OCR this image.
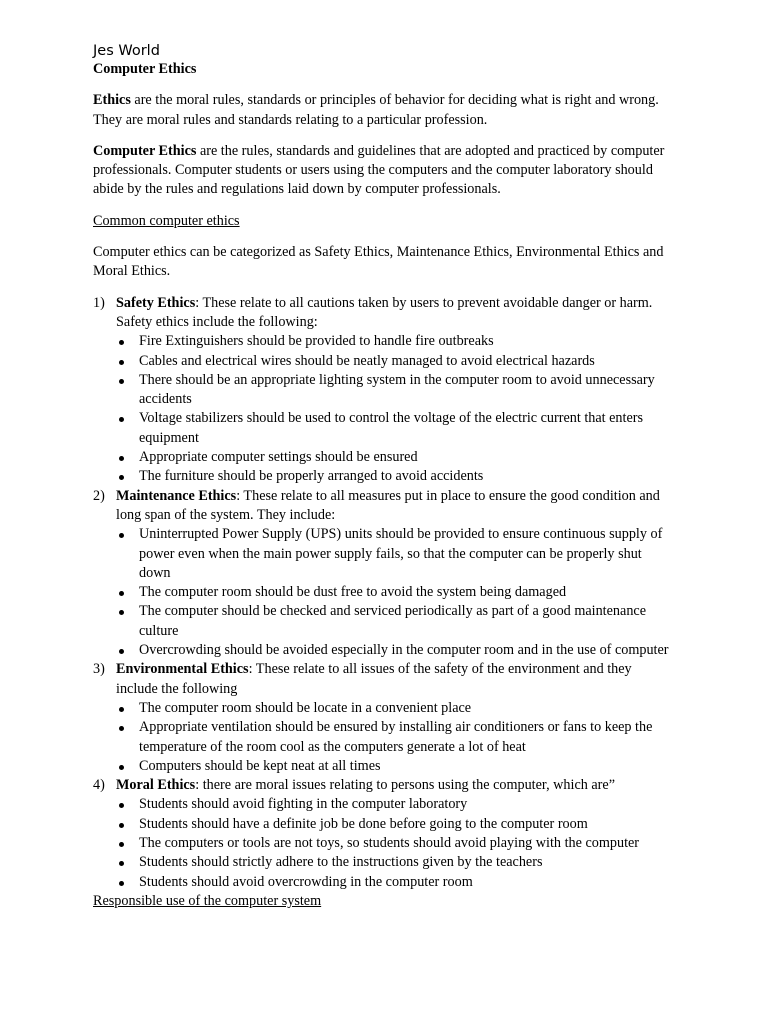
Jes World
Computer Ethics

Ethics are the moral rules, standards or principles of behavior for deciding what is right and wrong. They are moral rules and standards relating to a particular profession.

Computer Ethics are the rules, standards and guidelines that are adopted and practiced by computer professionals. Computer students or users using the computers and the computer laboratory should abide by the rules and regulations laid down by computer professionals.

Common computer ethics

Computer ethics can be categorized as Safety Ethics, Maintenance Ethics, Environmental Ethics and Moral Ethics.

1) Safety Ethics: These relate to all cautions taken by users to prevent avoidable danger or harm. Safety ethics include the following:
Fire Extinguishers should be provided to handle fire outbreaks
Cables and electrical wires should be neatly managed to avoid electrical hazards
There should be an appropriate lighting system in the computer room to avoid unnecessary accidents
Voltage stabilizers should be used to control the voltage of the electric current that enters equipment
Appropriate computer settings should be ensured
The furniture should be properly arranged to avoid accidents
2) Maintenance Ethics: These relate to all measures put in place to ensure the good condition and long span of the system. They include:
Uninterrupted Power Supply (UPS) units should be provided to ensure continuous supply of power even when the main power supply fails, so that the computer can be properly shut down
The computer room should be dust free to avoid the system being damaged
The computer should be checked and serviced periodically as part of a good maintenance culture
Overcrowding should be avoided especially in the computer room and in the use of computer
3) Environmental Ethics: These relate to all issues of the safety of the environment and they include the following
The computer room should be locate in a convenient place
Appropriate ventilation should be ensured by installing air conditioners or fans to keep the temperature of the room cool as the computers generate a lot of heat
Computers should be kept neat at all times
4) Moral Ethics: there are moral issues relating to persons using the computer, which are”
Students should avoid fighting in the computer laboratory
Students should have a definite job be done before going to the computer room
The computers or tools are not toys, so students should avoid playing with the computer
Students should strictly adhere to the instructions given by the teachers
Students should avoid overcrowding in the computer room
Responsible use of the computer system
